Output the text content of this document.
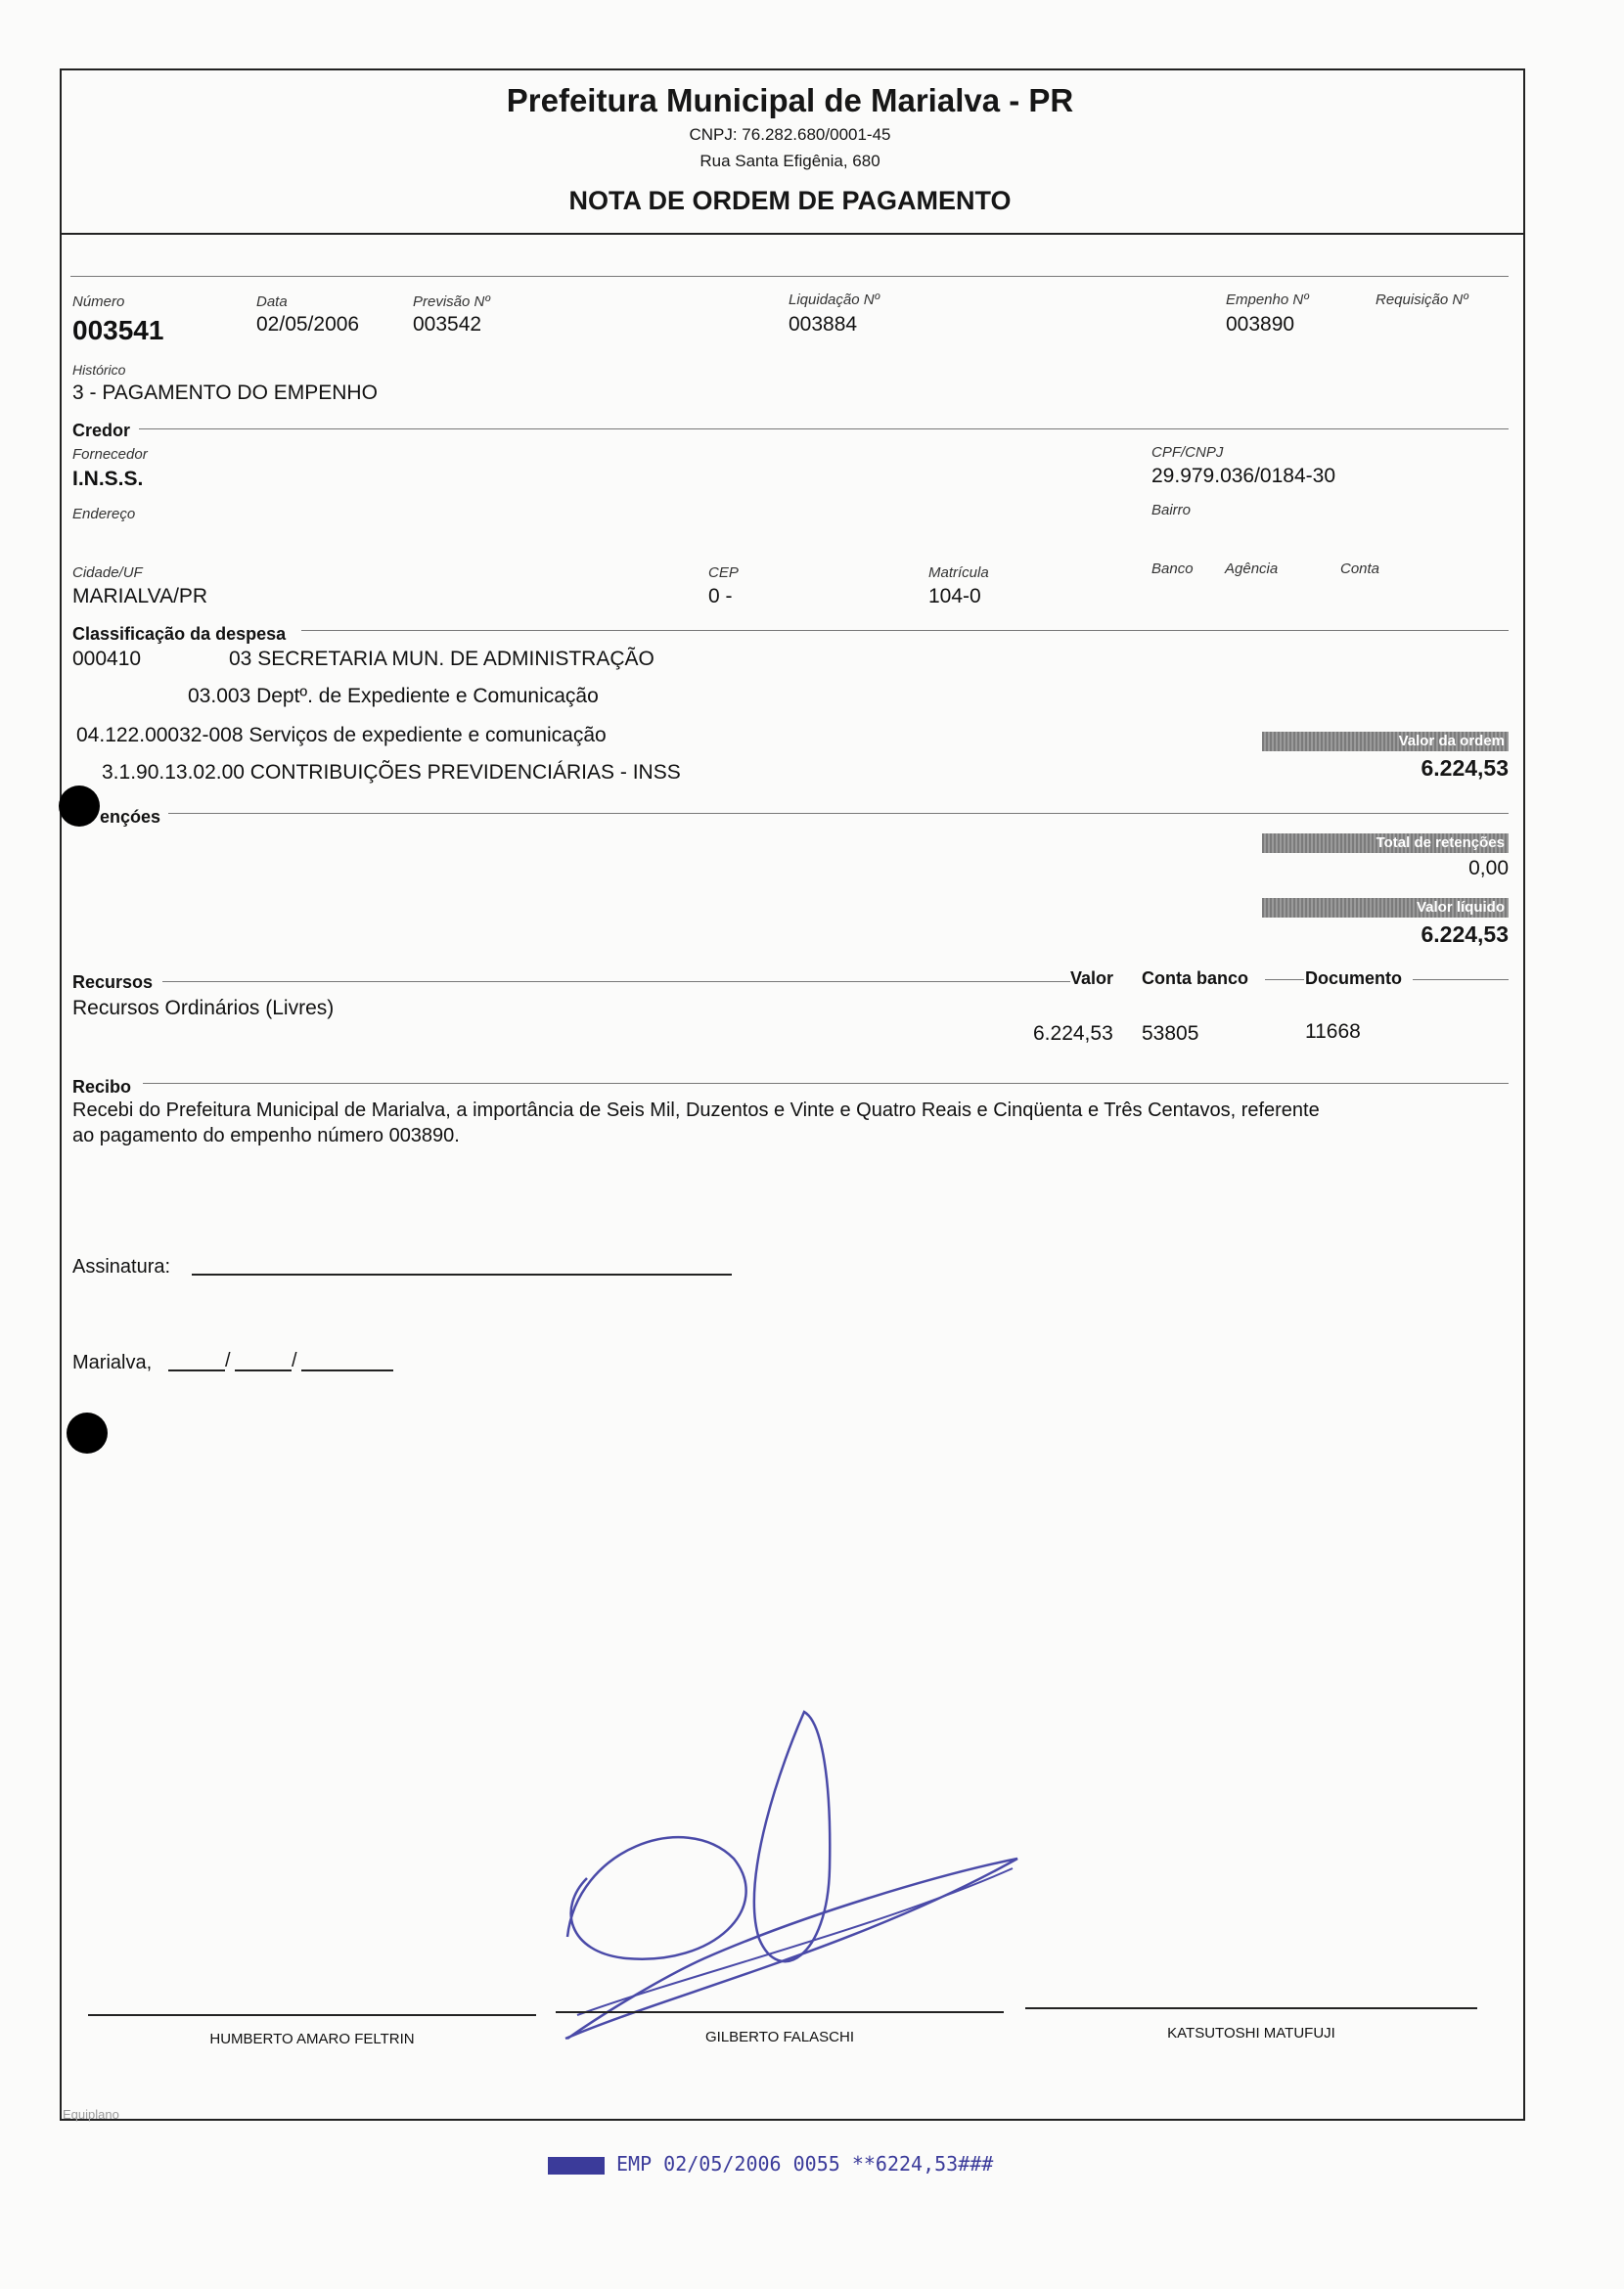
Prefeitura Municipal de Marialva - PR
CNPJ: 76.282.680/0001-45
Rua Santa Efigênia, 680
NOTA DE ORDEM DE PAGAMENTO
Número
003541
Data
02/05/2006
Previsão Nº
003542
Liquidação Nº
003884
Empenho Nº
003890
Requisição Nº
Histórico
3 - PAGAMENTO DO EMPENHO
Credor
Fornecedor
I.N.S.S.
CPF/CNPJ
29.979.036/0184-30
Endereço	Bairro
Cidade/UF
MARIALVA/PR
CEP
0 -
Matrícula
104-0
Banco Agência	Conta
Classificação da despesa
000410	03 SECRETARIA MUN. DE ADMINISTRAÇÃO
03.003 Deptº. de Expediente e Comunicação
04.122.00032-008 Serviços de expediente e comunicação
3.1.90.13.02.00 CONTRIBUIÇÕES PREVIDENCIÁRIAS - INSS
Valor da ordem
6.224,53
ençóes
Total de retenções
0,00
Valor líquido
6.224,53
Recursos	Valor Conta banco	Documento
Recursos Ordinários (Livres)
6.224,53 53805	11668
Recibo
Recebi do Prefeitura Municipal de Marialva, a importância de Seis Mil, Duzentos e Vinte e Quatro Reais e Cinqüenta e Três Centavos, referente
ao pagamento do empenho número 003890.
Assinatura:
Marialva,	/	/
HUMBERTO AMARO FELTRIN	GILBERTO FALASCHI	KATSUTOSHI MATUFUJI
Equiplano
EMP 02/05/2006 0055 **6224,53###
